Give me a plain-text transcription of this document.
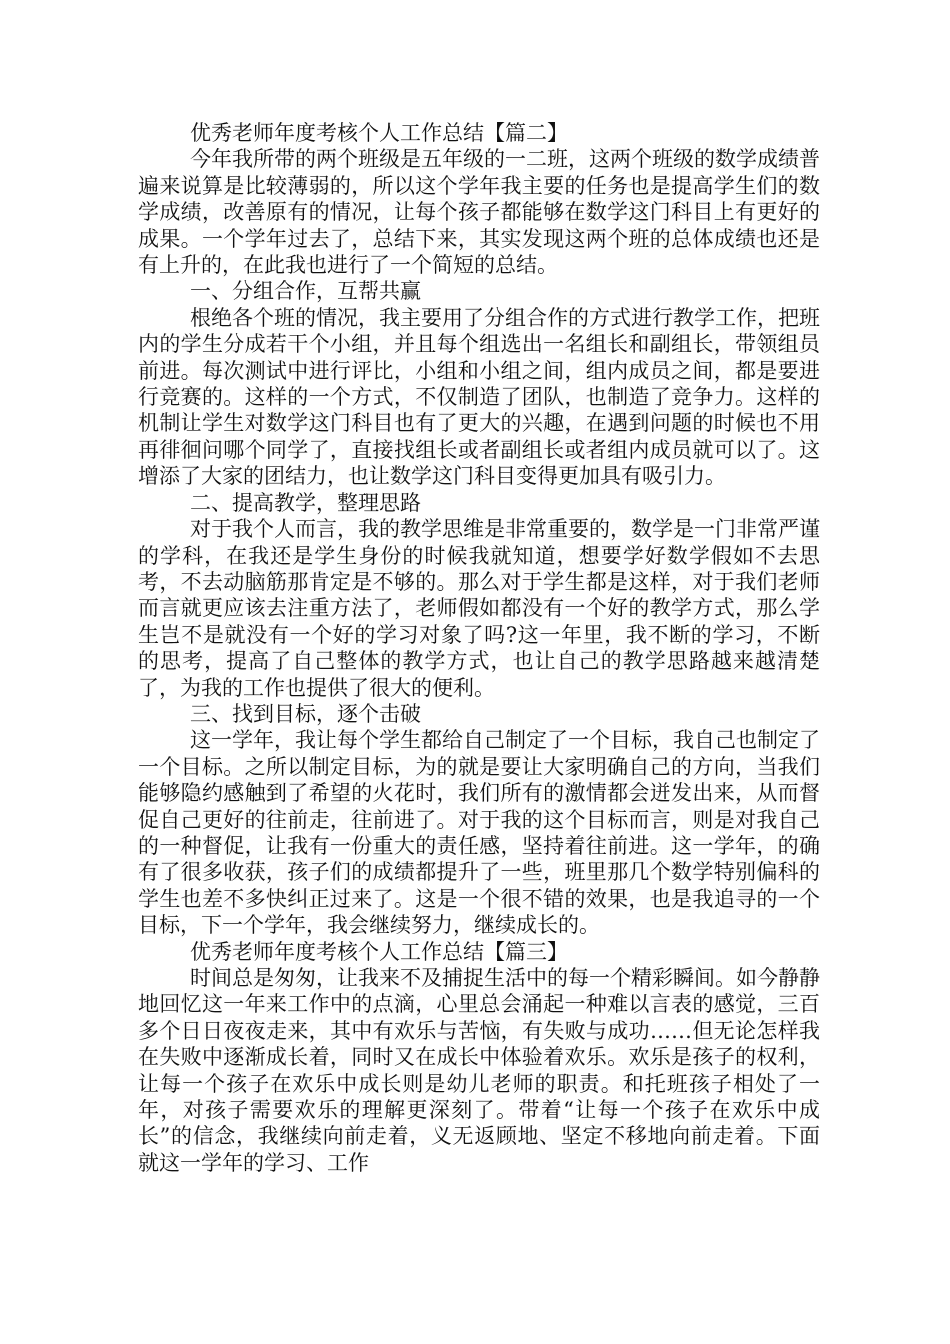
优秀老师年度考核个人工作总结【篇二】

今年我所带的两个班级是五年级的一二班，这两个班级的数学成绩普遍来说算是比较薄弱的，所以这个学年我主要的任务也是提高学生们的数学成绩，改善原有的情况，让每个孩子都能够在数学这门科目上有更好的成果。一个学年过去了，总结下来，其实发现这两个班的总体成绩也还是有上升的，在此我也进行了一个简短的总结。

一、分组合作，互帮共赢

根绝各个班的情况，我主要用了分组合作的方式进行教学工作，把班内的学生分成若干个小组，并且每个组选出一名组长和副组长，带领组员前进。每次测试中进行评比，小组和小组之间，组内成员之间，都是要进行竞赛的。这样的一个方式，不仅制造了团队，也制造了竞争力。这样的机制让学生对数学这门科目也有了更大的兴趣，在遇到问题的时候也不用再徘徊问哪个同学了，直接找组长或者副组长或者组内成员就可以了。这增添了大家的团结力，也让数学这门科目变得更加具有吸引力。

二、提高教学，整理思路

对于我个人而言，我的教学思维是非常重要的，数学是一门非常严谨的学科，在我还是学生身份的时候我就知道，想要学好数学假如不去思考，不去动脑筋那肯定是不够的。那么对于学生都是这样，对于我们老师而言就更应该去注重方法了，老师假如都没有一个好的教学方式，那么学生岂不是就没有一个好的学习对象了吗?这一年里，我不断的学习，不断的思考，提高了自己整体的教学方式，也让自己的教学思路越来越清楚了，为我的工作也提供了很大的便利。

三、找到目标，逐个击破

这一学年，我让每个学生都给自己制定了一个目标，我自己也制定了一个目标。之所以制定目标，为的就是要让大家明确自己的方向，当我们能够隐约感触到了希望的火花时，我们所有的激情都会迸发出来，从而督促自己更好的往前走，往前进了。对于我的这个目标而言，则是对我自己的一种督促，让我有一份重大的责任感，坚持着往前进。这一学年，的确有了很多收获，孩子们的成绩都提升了一些，班里那几个数学特别偏科的学生也差不多快纠正过来了。这是一个很不错的效果，也是我追寻的一个目标，下一个学年，我会继续努力，继续成长的。

优秀老师年度考核个人工作总结【篇三】

时间总是匆匆，让我来不及捕捉生活中的每一个精彩瞬间。如今静静地回忆这一年来工作中的点滴，心里总会涌起一种难以言表的感觉，三百多个日日夜夜走来，其中有欢乐与苦恼，有失败与成功……但无论怎样我在失败中逐渐成长着，同时又在成长中体验着欢乐。欢乐是孩子的权利，让每一个孩子在欢乐中成长则是幼儿老师的职责。和托班孩子相处了一年，对孩子需要欢乐的理解更深刻了。带着“让每一个孩子在欢乐中成长”的信念，我继续向前走着，义无返顾地、坚定不移地向前走着。下面就这一学年的学习、工作
